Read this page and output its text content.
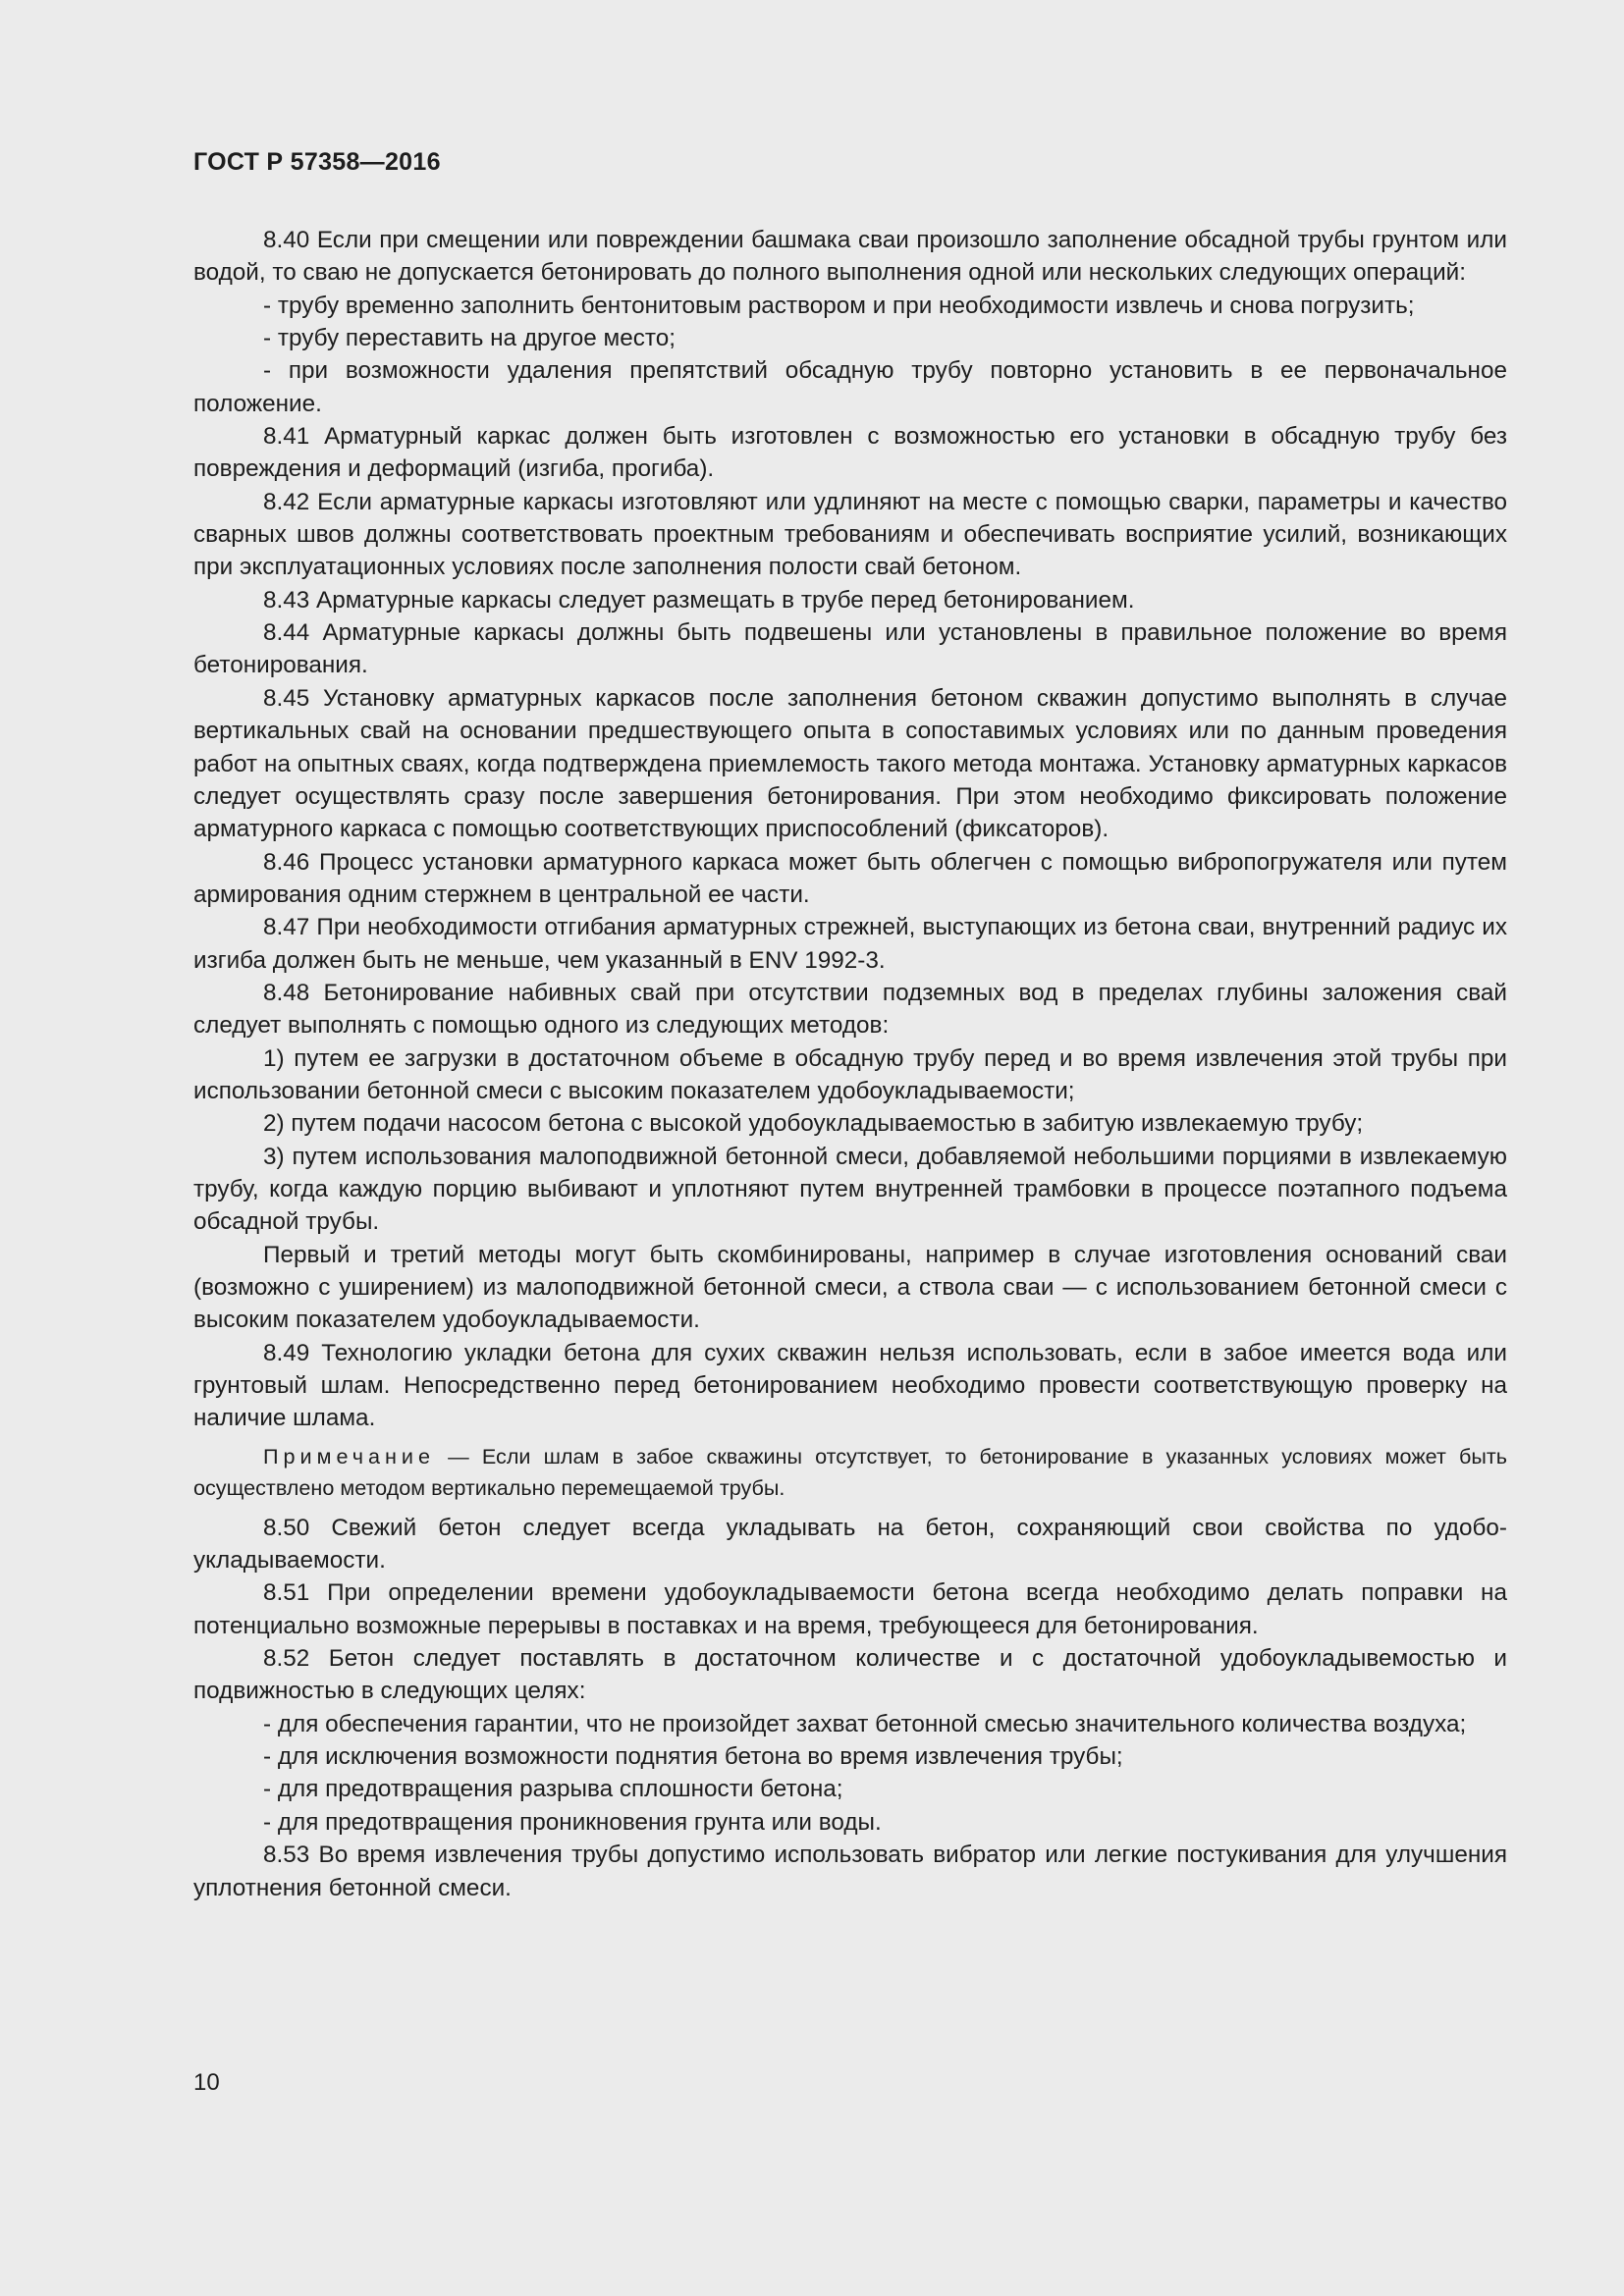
ГОСТ Р 57358—2016

8.40 Если при смещении или повреждении башмака сваи произошло заполнение обсадной трубы грунтом или водой, то сваю не допускается бетонировать до полного выполнения одной или нескольких следующих операций:

- трубу временно заполнить бентонитовым раствором и при необходимости извлечь и снова погрузить;

- трубу переставить на другое место;

- при возможности удаления препятствий обсадную трубу повторно установить в ее первоначальное положение.

8.41 Арматурный каркас должен быть изготовлен с возможностью его установки в обсадную трубу без повреждения и деформаций (изгиба, прогиба).

8.42 Если арматурные каркасы изготовляют или удлиняют на месте с помощью сварки, параметры и качество сварных швов должны соответствовать проектным требованиям и обеспечивать восприятие усилий, возникающих при эксплуатационных условиях после заполнения полости свай бетоном.

8.43 Арматурные каркасы следует размещать в трубе перед бетонированием.

8.44 Арматурные каркасы должны быть подвешены или установлены в правильное положение во время бетонирования.

8.45 Установку арматурных каркасов после заполнения бетоном скважин допустимо выполнять в случае вертикальных свай на основании предшествующего опыта в сопоставимых условиях или по данным проведения работ на опытных сваях, когда подтверждена приемлемость такого метода монтажа. Установку арматурных каркасов следует осуществлять сразу после завершения бетонирования. При этом необходимо фиксировать положение арматурного каркаса с помощью соответствующих приспособлений (фиксаторов).

8.46 Процесс установки арматурного каркаса может быть облегчен с помощью вибропогружателя или путем армирования одним стержнем в центральной ее части.

8.47 При необходимости отгибания арматурных стрежней, выступающих из бетона сваи, внутренний радиус их изгиба должен быть не меньше, чем указанный в ENV 1992-3.

8.48 Бетонирование набивных свай при отсутствии подземных вод в пределах глубины заложения свай следует выполнять с помощью одного из следующих методов:

1) путем ее загрузки в достаточном объеме в обсадную трубу перед и во время извлечения этой трубы при использовании бетонной смеси с высоким показателем удобоукладываемости;

2) путем подачи насосом бетона с высокой удобоукладываемостью в забитую извлекаемую трубу;

3) путем использования малоподвижной бетонной смеси, добавляемой небольшими порциями в извлекаемую трубу, когда каждую порцию выбивают и уплотняют путем внутренней трамбовки в процессе поэтапного подъема обсадной трубы.

Первый и третий методы могут быть скомбинированы, например в случае изготовления оснований сваи (возможно с уширением) из малоподвижной бетонной смеси, а ствола сваи — с использованием бетонной смеси с высоким показателем удобоукладываемости.

8.49 Технологию укладки бетона для сухих скважин нельзя использовать, если в забое имеется вода или грунтовый шлам. Непосредственно перед бетонированием необходимо провести соответствующую проверку на наличие шлама.

Примечание — Если шлам в забое скважины отсутствует, то бетонирование в указанных условиях может быть осуществлено методом вертикально перемещаемой трубы.

8.50 Свежий бетон следует всегда укладывать на бетон, сохраняющий свои свойства по удобоукладываемости.

8.51 При определении времени удобоукладываемости бетона всегда необходимо делать поправки на потенциально возможные перерывы в поставках и на время, требующееся для бетонирования.

8.52 Бетон следует поставлять в достаточном количестве и с достаточной удобоукладывемостью и подвижностью в следующих целях:

- для обеспечения гарантии, что не произойдет захват бетонной смесью значительного количества воздуха;

- для исключения возможности поднятия бетона во время извлечения трубы;

- для предотвращения разрыва сплошности бетона;

- для предотвращения проникновения грунта или воды.

8.53 Во время извлечения трубы допустимо использовать вибратор или легкие постукивания для улучшения уплотнения бетонной смеси.

10
